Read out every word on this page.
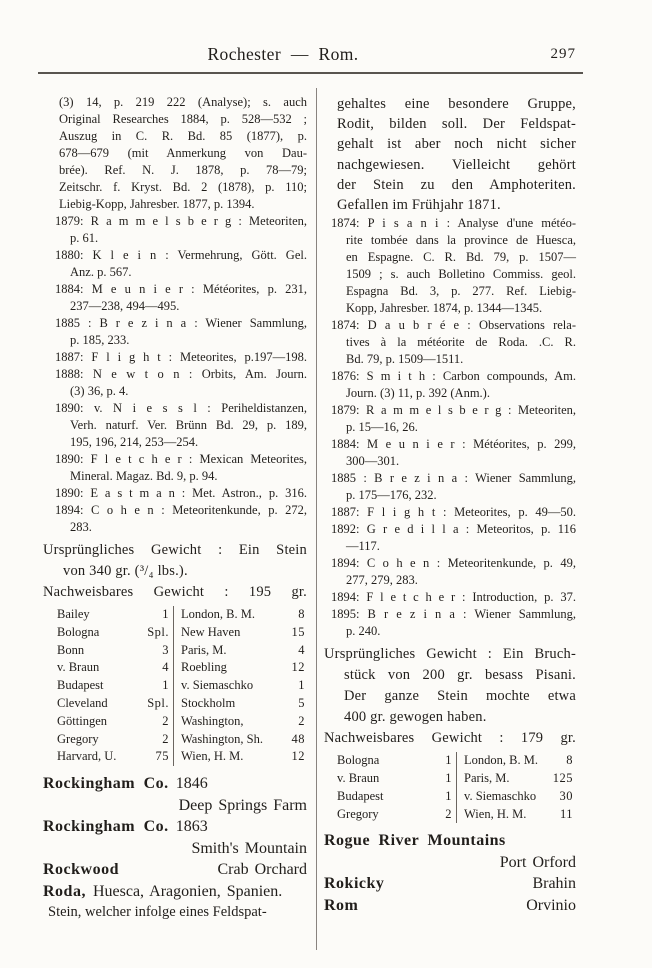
Rochester — Rom.	297
(3) 14, p. 219 222 (Analyse); s. auch
Original Researches 1884, p. 528—532 ;
Auszug in C. R. Bd. 85 (1877), p.
678—679 (mit Anmerkung von Dau-
brée). Ref. N. J. 1878, p. 78—79;
Zeitschr. f. Kryst. Bd. 2 (1878), p. 110;
Liebig-Kopp, Jahresber. 1877, p. 1394.
1879: R a m m e l s b e r g : Meteoriten,
p. 61.
1880: K l e i n : Vermehrung, Gött. Gel.
Anz. p. 567.
1884: M e u n i e r : Météorites, p. 231,
237—238, 494—495.
1885 : B r e z i n a : Wiener Sammlung,
p. 185, 233.
1887: F l i g h t : Meteorites, p.197—198.
1888: N e w t o n : Orbits, Am. Journ.
(3) 36, p. 4.
1890: v. N i e s s l : Periheldistanzen,
Verh. naturf. Ver. Brünn Bd. 29, p. 189,
195, 196, 214, 253—254.
1890: F l e t c h e r : Mexican Meteorites,
Mineral. Magaz. Bd. 9, p. 94.
1890: E a s t m a n : Met. Astron., p. 316.
1894: C o h e n : Meteoritenkunde, p. 272,
283.
Ursprüngliches Gewicht : Ein Stein
von 340 gr. (³/₄ lbs.).
Nachweisbares Gewicht : 195 gr.
Bailey	1 London, B. M.	8
Bologna	Spl. New Haven	15
Bonn	3 Paris, M.	4
v. Braun	4 Roebling	12
Budapest	1 v. Siemaschko	1
Cleveland	Spl. Stockholm	5
Göttingen	2 Washington,	2
Gregory	2 Washington, Sh. 48
Harvard, U.	75 Wien, H. M.	12
Rockingham Co. 1846
Deep Springs Farm
Rockingham Co. 1863
Smith's Mountain
Rockwood	Crab Orchard
Roda, Huesca, Aragonien, Spanien.
Stein, welcher infolge eines Feldspat-
gehaltes eine besondere Gruppe,
Rodit, bilden soll. Der Feldspat-
gehalt ist aber noch nicht sicher
nachgewiesen. Vielleicht gehört
der Stein zu den Amphoteriten.
Gefallen im Frühjahr 1871.
1874: P i s a n i : Analyse d'une météo-
rite tombée dans la province de Huesca,
en Espagne. C. R. Bd. 79, p. 1507—
1509 ; s. auch Bolletino Commiss. geol.
Espagna Bd. 3, p. 277. Ref. Liebig-
Kopp, Jahresber. 1874, p. 1344—1345.
1874: D a u b r é e : Observations rela-
tives à la météorite de Roda. .C. R.
Bd. 79, p. 1509—1511.
1876: S m i t h : Carbon compounds, Am.
Journ. (3) 11, p. 392 (Anm.).
1879: R a m m e l s b e r g : Meteoriten,
p. 15—16, 26.
1884: M e u n i e r : Météorites, p. 299,
300—301.
1885 : B r e z i n a : Wiener Sammlung,
p. 175—176, 232.
1887: F l i g h t : Meteorites, p. 49—50.
1892: G r e d i l l a : Meteoritos, p. 116
—117.
1894: C o h e n : Meteoritenkunde, p. 49,
277, 279, 283.
1894: F l e t c h e r : Introduction, p. 37.
1895: B r e z i n a : Wiener Sammlung,
p. 240.
Ursprüngliches Gewicht : Ein Bruch-
stück von 200 gr. besass Pisani.
Der ganze Stein mochte etwa
400 gr. gewogen haben.
Nachweisbares Gewicht : 179 gr.
Bologna	1 London, B. M. 8
v. Braun	1 Paris, M.	125
Budapest	1 v. Siemaschko 30
Gregory	2 Wien, H. M.	11
Rogue River Mountains
Port Orford
Rokicky	Brahin
Rom	Orvinio
